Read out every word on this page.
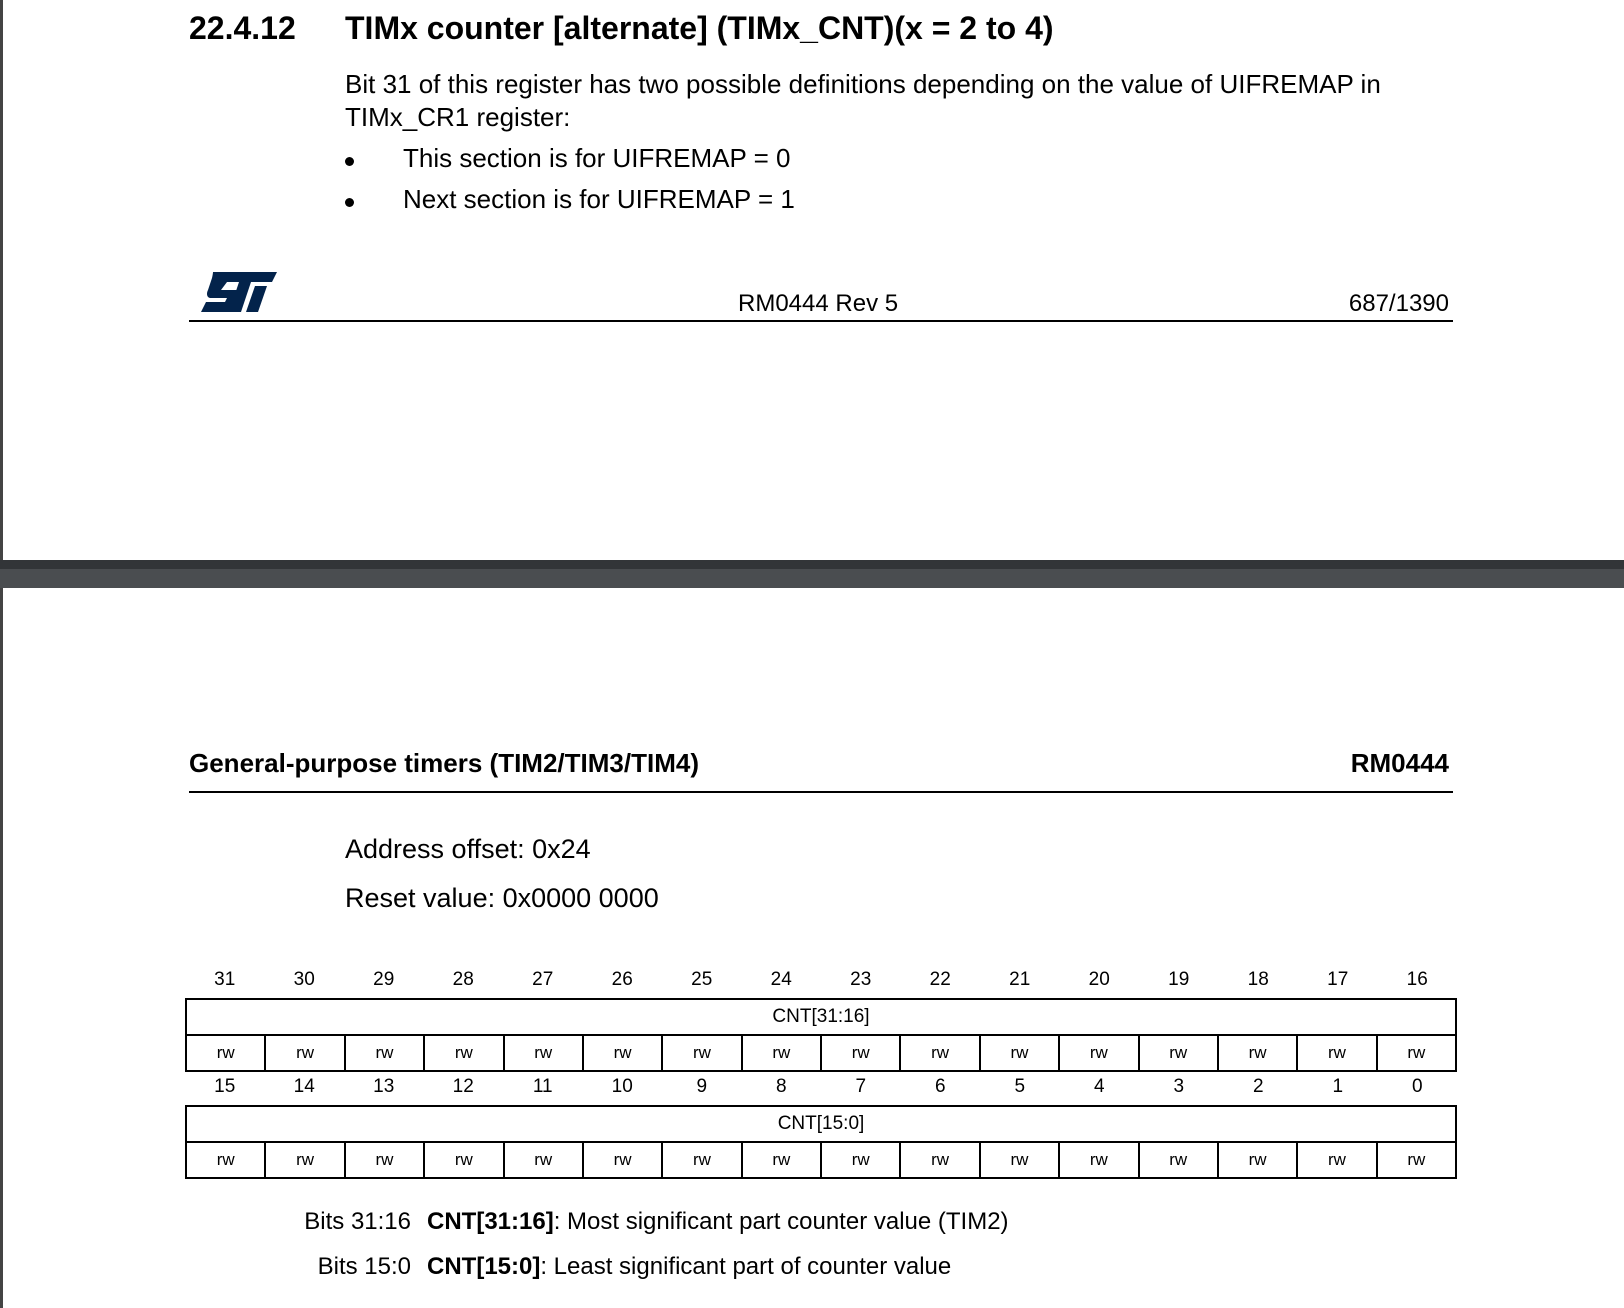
22.4.12 TIMx counter [alternate] (TIMx_CNT)(x = 2 to 4)
Bit 31 of this register has two possible definitions depending on the value of UIFREMAP in TIMx_CR1 register:
This section is for UIFREMAP = 0
Next section is for UIFREMAP = 1
RM0444 Rev 5	687/1390
General-purpose timers (TIM2/TIM3/TIM4)	RM0444
Address offset: 0x24
Reset value: 0x0000 0000
31	30	29	28	27	26	25	24	23	22	21	20	19	18	17	16
CNT[31:16]
rw	rw	rw	rw	rw	rw	rw	rw	rw	rw	rw	rw	rw	rw	rw	rw
15	14	13	12	11	10	9	8	7	6	5	4	3	2	1	0
CNT[15:0]
rw	rw	rw	rw	rw	rw	rw	rw	rw	rw	rw	rw	rw	rw	rw	rw
Bits 31:16 CNT[31:16]: Most significant part counter value (TIM2)
Bits 15:0 CNT[15:0]: Least significant part of counter value
